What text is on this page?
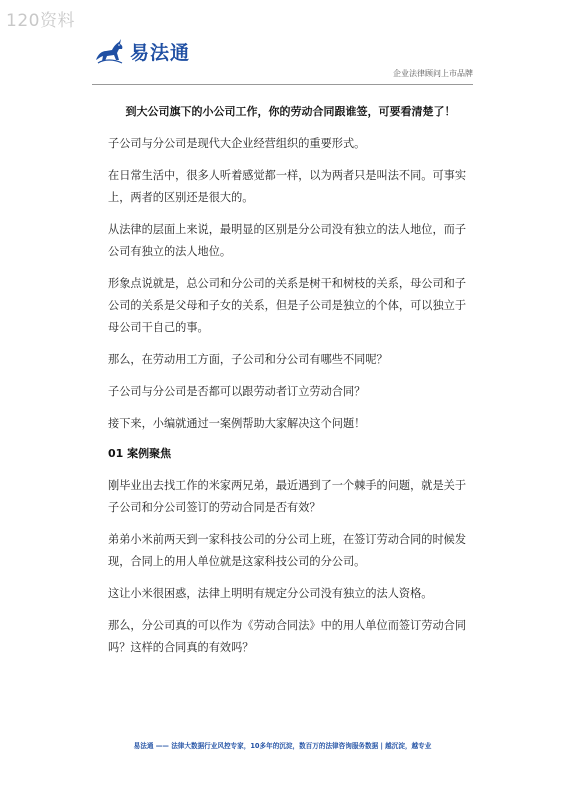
120资料
易法通
企业法律顾问上市品牌
到大公司旗下的小公司工作，你的劳动合同跟谁签，可要看清楚了！

子公司与分公司是现代大企业经营组织的重要形式。

在日常生活中，很多人听着感觉都一样，以为两者只是叫法不同。可事实上，两者的区别还是很大的。

从法律的层面上来说，最明显的区别是分公司没有独立的法人地位，而子公司有独立的法人地位。

形象点说就是，总公司和分公司的关系是树干和树枝的关系，母公司和子公司的关系是父母和子女的关系，但是子公司是独立的个体，可以独立于母公司干自己的事。

那么，在劳动用工方面，子公司和分公司有哪些不同呢？

子公司与分公司是否都可以跟劳动者订立劳动合同？

接下来，小编就通过一案例帮助大家解决这个问题！

01 案例聚焦

刚毕业出去找工作的米家两兄弟，最近遇到了一个棘手的问题，就是关于子公司和分公司签订的劳动合同是否有效？

弟弟小米前两天到一家科技公司的分公司上班，在签订劳动合同的时候发现，合同上的用人单位就是这家科技公司的分公司。

这让小米很困惑，法律上明明有规定分公司没有独立的法人资格。

那么，分公司真的可以作为《劳动合同法》中的用人单位而签订劳动合同吗？这样的合同真的有效吗？

易法通 —— 法律大数据行业风控专家，10多年的沉淀，数百万的法律咨询服务数据 | 越沉淀，越专业
